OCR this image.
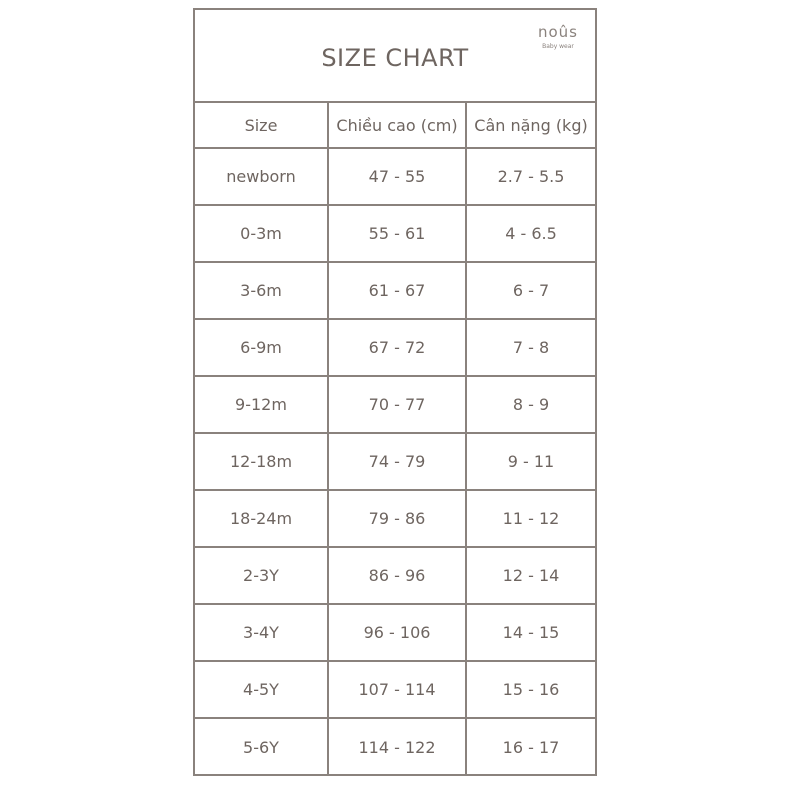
SIZE CHART
noûs
Baby wear
Size	Chiều cao (cm)	Cân nặng (kg)
newborn	47 - 55	2.7 - 5.5
0-3m	55 - 61	4 - 6.5
3-6m	61 - 67	6 - 7
6-9m	67 - 72	7 - 8
9-12m	70 - 77	8 - 9
12-18m	74 - 79	9 - 11
18-24m	79 - 86	11 - 12
2-3Y	86 - 96	12 - 14
3-4Y	96 - 106	14 - 15
4-5Y	107 - 114	15 - 16
5-6Y	114 - 122	16 - 17
